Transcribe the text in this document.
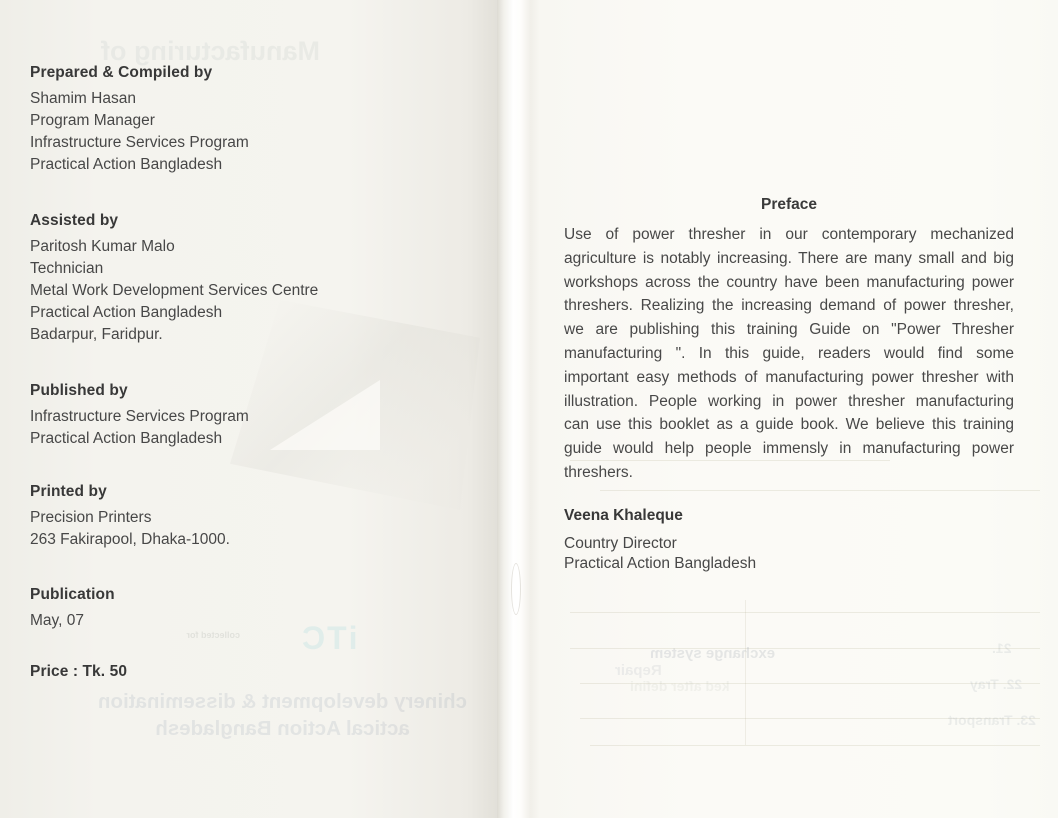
Manufacturing of
collected for iTC
chinery development & dissemination
actical Action Bangladesh
Prepared & Compiled by

Shamim Hasan

Program Manager

Infrastructure Services Program

Practical Action Bangladesh

Assisted by

Paritosh Kumar Malo

Technician

Metal Work Development Services Centre

Practical Action Bangladesh

Badarpur, Faridpur.

Published by

Infrastructure Services Program

Practical Action Bangladesh

Printed by

Precision Printers

263 Fakirapool, Dhaka-1000.

Publication

May, 07

Price : Tk. 50
exchange system
Repair
ked after defini
21.
22. Tray
23. Transport
Preface

Use of power thresher in our contemporary mechanized agriculture is notably increasing. There are many small and big workshops across the country have been manufacturing power threshers. Realizing the increasing demand of power thresher, we are publishing this training Guide on "Power Thresher manufacturing ". In this guide, readers would find some important easy methods of manufacturing power thresher with illustration. People working in power thresher manufacturing can use this booklet as a guide book. We believe this training guide would help people immensly in manufacturing power threshers.

Veena Khaleque

Country Director

Practical Action Bangladesh
